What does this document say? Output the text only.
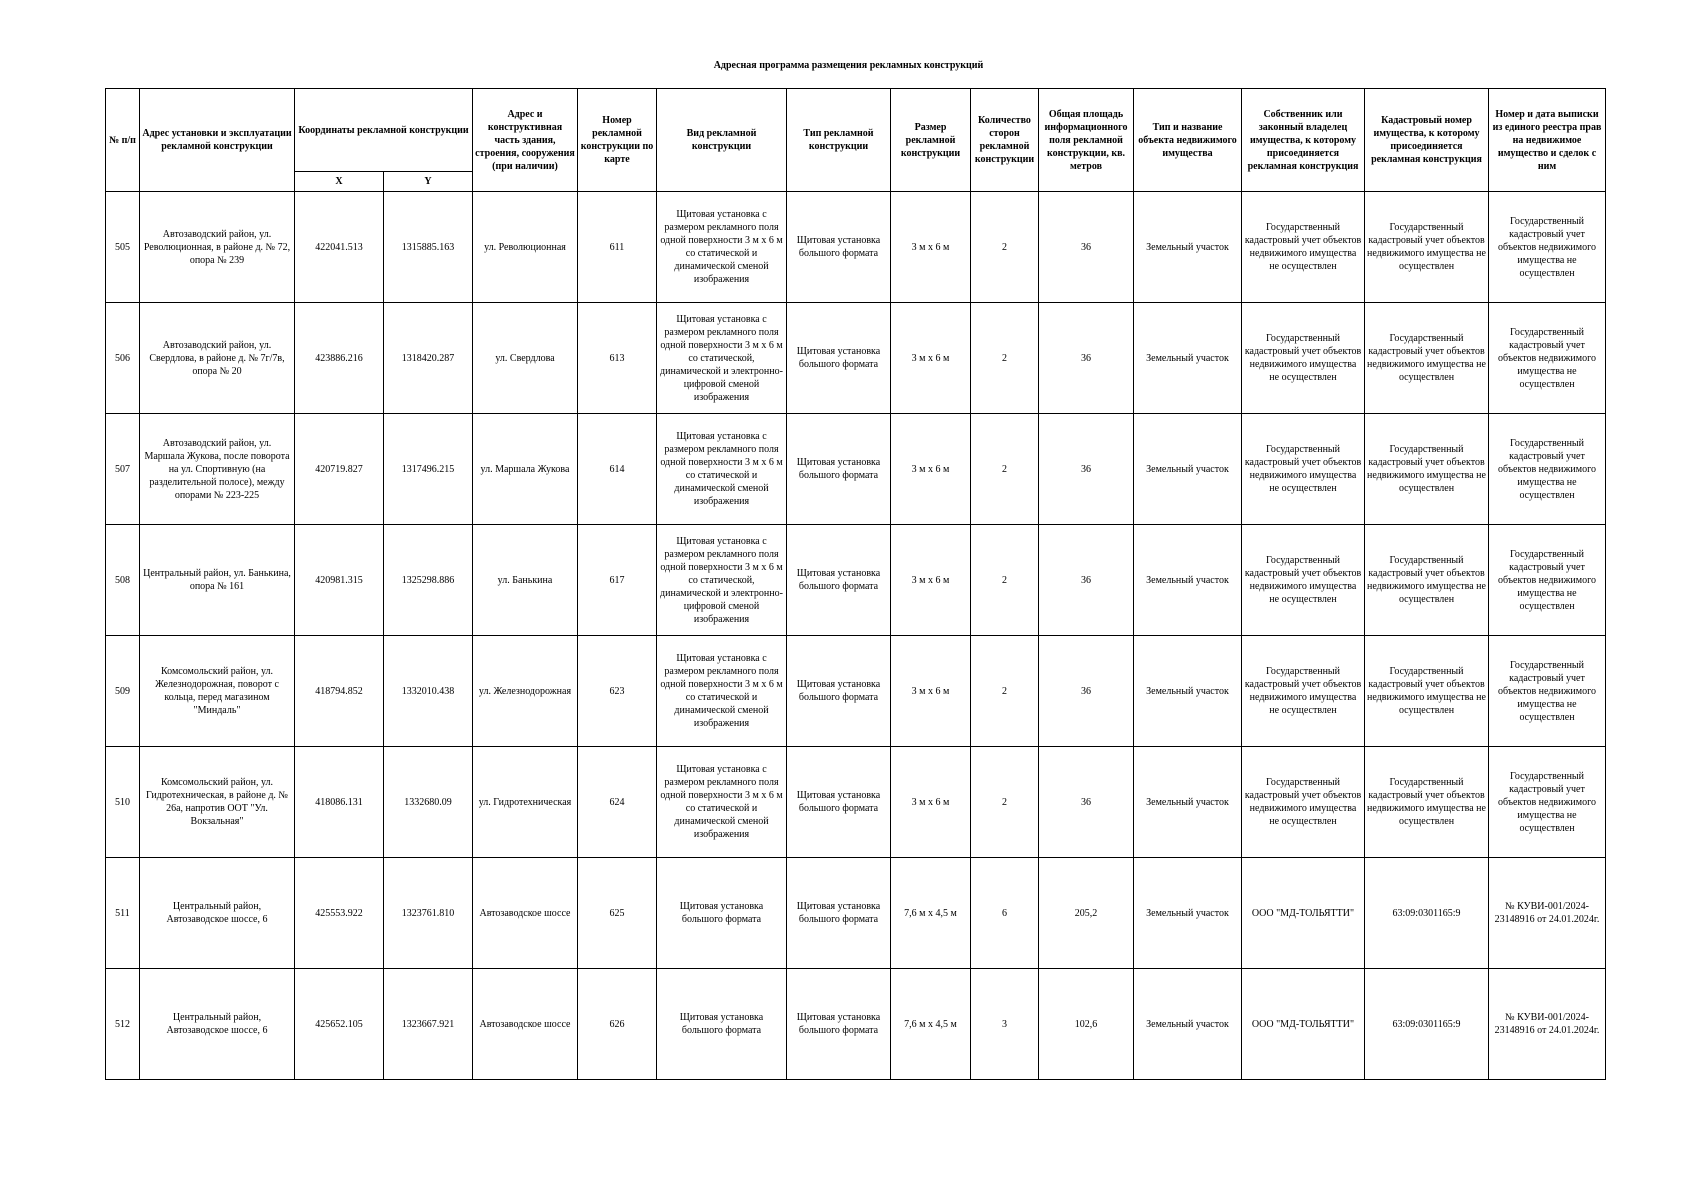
Адресная программа размещения рекламных конструкций
№ п/п	Адрес установки и эксплуатации рекламной конструкции	Координаты рекламной конструкции		Адрес и конструктивная часть здания, строения, сооружения (при наличии)	Номер рекламной конструкции по карте	Вид рекламной конструкции	Тип рекламной конструкции	Размер рекламной конструкции	Количество сторон рекламной конструкции	Общая площадь информационного поля рекламной конструкции, кв. метров	Тип и название объекта недвижимого имущества	Собственник или законный владелец имущества, к которому присоединяется рекламная конструкция	Кадастровый номер имущества, к которому присоединяется рекламная конструкция	Номер и дата выписки из единого реестра прав на недвижимое имущество и сделок с ним
		X	Y											
505	Автозаводский район, ул. Революционная, в районе д. № 72, опора № 239	422041.513	1315885.163	ул. Революционная	611	Щитовая установка с размером рекламного поля одной поверхности 3 м х 6 м со статической и динамической сменой изображения	Щитовая установка большого формата	3 м х 6 м	2	36	Земельный участок	Государственный кадастровый учет объектов недвижимого имущества не осуществлен	Государственный кадастровый учет объектов недвижимого имущества не осуществлен	Государственный кадастровый учет объектов недвижимого имущества не осуществлен
506	Автозаводский район, ул. Свердлова, в районе д. № 7г/7в, опора № 20	423886.216	1318420.287	ул. Свердлова	613	Щитовая установка с размером рекламного поля одной поверхности 3 м х 6 м со статической, динамической и электронно-цифровой сменой изображения	Щитовая установка большого формата	3 м х 6 м	2	36	Земельный участок	Государственный кадастровый учет объектов недвижимого имущества не осуществлен	Государственный кадастровый учет объектов недвижимого имущества не осуществлен	Государственный кадастровый учет объектов недвижимого имущества не осуществлен
507	Автозаводский район, ул. Маршала Жукова, после поворота на ул. Спортивную (на разделительной полосе), между опорами № 223-225	420719.827	1317496.215	ул. Маршала Жукова	614	Щитовая установка с размером рекламного поля одной поверхности 3 м х 6 м со статической и динамической сменой изображения	Щитовая установка большого формата	3 м х 6 м	2	36	Земельный участок	Государственный кадастровый учет объектов недвижимого имущества не осуществлен	Государственный кадастровый учет объектов недвижимого имущества не осуществлен	Государственный кадастровый учет объектов недвижимого имущества не осуществлен
508	Центральный район, ул. Банькина, опора № 161	420981.315	1325298.886	ул. Банькина	617	Щитовая установка с размером рекламного поля одной поверхности 3 м х 6 м со статической, динамической и электронно-цифровой сменой изображения	Щитовая установка большого формата	3 м х 6 м	2	36	Земельный участок	Государственный кадастровый учет объектов недвижимого имущества не осуществлен	Государственный кадастровый учет объектов недвижимого имущества не осуществлен	Государственный кадастровый учет объектов недвижимого имущества не осуществлен
509	Комсомольский район, ул. Железнодорожная, поворот с кольца, перед магазином "Миндаль"	418794.852	1332010.438	ул. Железнодорожная	623	Щитовая установка с размером рекламного поля одной поверхности 3 м х 6 м со статической и динамической сменой изображения	Щитовая установка большого формата	3 м х 6 м	2	36	Земельный участок	Государственный кадастровый учет объектов недвижимого имущества не осуществлен	Государственный кадастровый учет объектов недвижимого имущества не осуществлен	Государственный кадастровый учет объектов недвижимого имущества не осуществлен
510	Комсомольский район, ул. Гидротехническая, в районе д. № 26а, напротив ООТ "Ул. Вокзальная"	418086.131	1332680.09	ул. Гидротехническая	624	Щитовая установка с размером рекламного поля одной поверхности 3 м х 6 м со статической и динамической сменой изображения	Щитовая установка большого формата	3 м х 6 м	2	36	Земельный участок	Государственный кадастровый учет объектов недвижимого имущества не осуществлен	Государственный кадастровый учет объектов недвижимого имущества не осуществлен	Государственный кадастровый учет объектов недвижимого имущества не осуществлен
511	Центральный район, Автозаводское шоссе, 6	425553.922	1323761.810	Автозаводское шоссе	625	Щитовая установка большого формата	Щитовая установка большого формата	7,6 м х 4,5 м	6	205,2	Земельный участок	ООО "МД-ТОЛЬЯТТИ"	63:09:0301165:9	№ КУВИ-001/2024-23148916 от 24.01.2024г.
512	Центральный район, Автозаводское шоссе, 6	425652.105	1323667.921	Автозаводское шоссе	626	Щитовая установка большого формата	Щитовая установка большого формата	7,6 м х 4,5 м	3	102,6	Земельный участок	ООО "МД-ТОЛЬЯТТИ"	63:09:0301165:9	№ КУВИ-001/2024-23148916 от 24.01.2024г.
